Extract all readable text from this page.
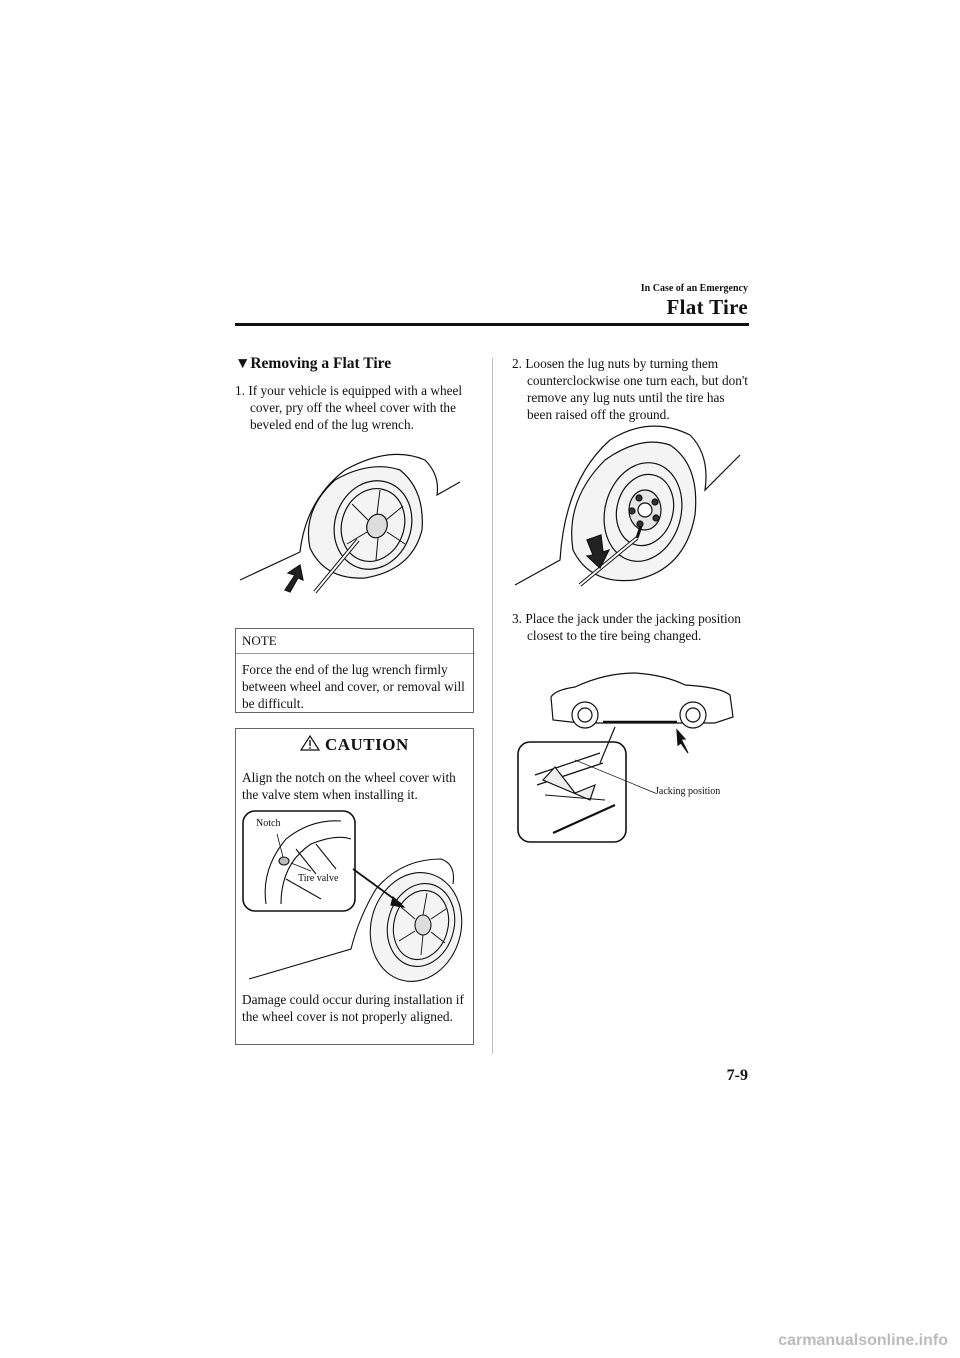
In Case of an Emergency
Flat Tire
▼Removing a Flat Tire
1. If your vehicle is equipped with a wheel cover, pry off the wheel cover with the beveled end of the lug wrench.
NOTE
Force the end of the lug wrench firmly between wheel and cover, or removal will be difficult.
CAUTION
Align the notch on the wheel cover with the valve stem when installing it.
Notch
Tire valve
Damage could occur during installation if the wheel cover is not properly aligned.
2. Loosen the lug nuts by turning them counterclockwise one turn each, but don't remove any lug nuts until the tire has been raised off the ground.
3. Place the jack under the jacking position closest to the tire being changed.
Jacking position
7-9
carmanualsonline.info
